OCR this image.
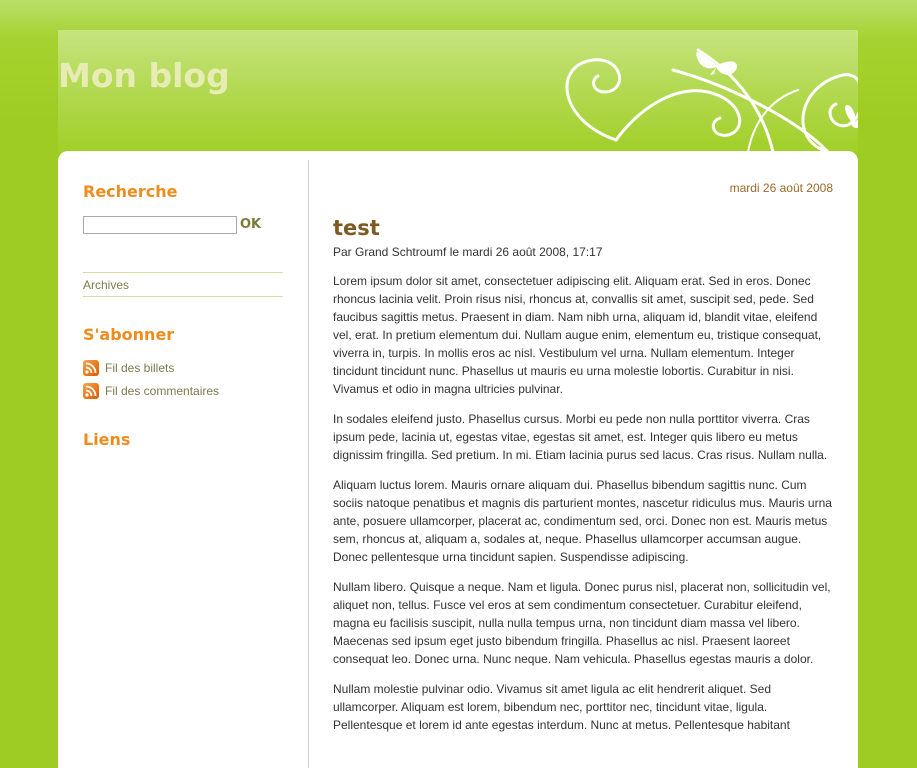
Mon blog
Recherche
OK
Archives
S'abonner
Fil des billets
Fil des commentaires
Liens
mardi 26 août 2008
test
Par Grand Schtroumf le mardi 26 août 2008, 17:17

Lorem ipsum dolor sit amet, consectetuer adipiscing elit. Aliquam erat. Sed in eros. Donec rhoncus lacinia velit. Proin risus nisi, rhoncus at, convallis sit amet, suscipit sed, pede. Sed faucibus sagittis metus. Praesent in diam. Nam nibh urna, aliquam id, blandit vitae, eleifend vel, erat. In pretium elementum dui. Nullam augue enim, elementum eu, tristique consequat, viverra in, turpis. In mollis eros ac nisl. Vestibulum vel urna. Nullam elementum. Integer tincidunt tincidunt nunc. Phasellus ut mauris eu urna molestie lobortis. Curabitur in nisi. Vivamus et odio in magna ultricies pulvinar.

In sodales eleifend justo. Phasellus cursus. Morbi eu pede non nulla porttitor viverra. Cras ipsum pede, lacinia ut, egestas vitae, egestas sit amet, est. Integer quis libero eu metus dignissim fringilla. Sed pretium. In mi. Etiam lacinia purus sed lacus. Cras risus. Nullam nulla.

Aliquam luctus lorem. Mauris ornare aliquam dui. Phasellus bibendum sagittis nunc. Cum sociis natoque penatibus et magnis dis parturient montes, nascetur ridiculus mus. Mauris urna ante, posuere ullamcorper, placerat ac, condimentum sed, orci. Donec non est. Mauris metus sem, rhoncus at, aliquam a, sodales at, neque. Phasellus ullamcorper accumsan augue. Donec pellentesque urna tincidunt sapien. Suspendisse adipiscing.

Nullam libero. Quisque a neque. Nam et ligula. Donec purus nisl, placerat non, sollicitudin vel, aliquet non, tellus. Fusce vel eros at sem condimentum consectetuer. Curabitur eleifend, magna eu facilisis suscipit, nulla nulla tempus urna, non tincidunt diam massa vel libero. Maecenas sed ipsum eget justo bibendum fringilla. Phasellus ac nisl. Praesent laoreet consequat leo. Donec urna. Nunc neque. Nam vehicula. Phasellus egestas mauris a dolor.

Nullam molestie pulvinar odio. Vivamus sit amet ligula ac elit hendrerit aliquet. Sed ullamcorper. Aliquam est lorem, bibendum nec, porttitor nec, tincidunt vitae, ligula. Pellentesque et lorem id ante egestas interdum. Nunc at metus. Pellentesque habitant
